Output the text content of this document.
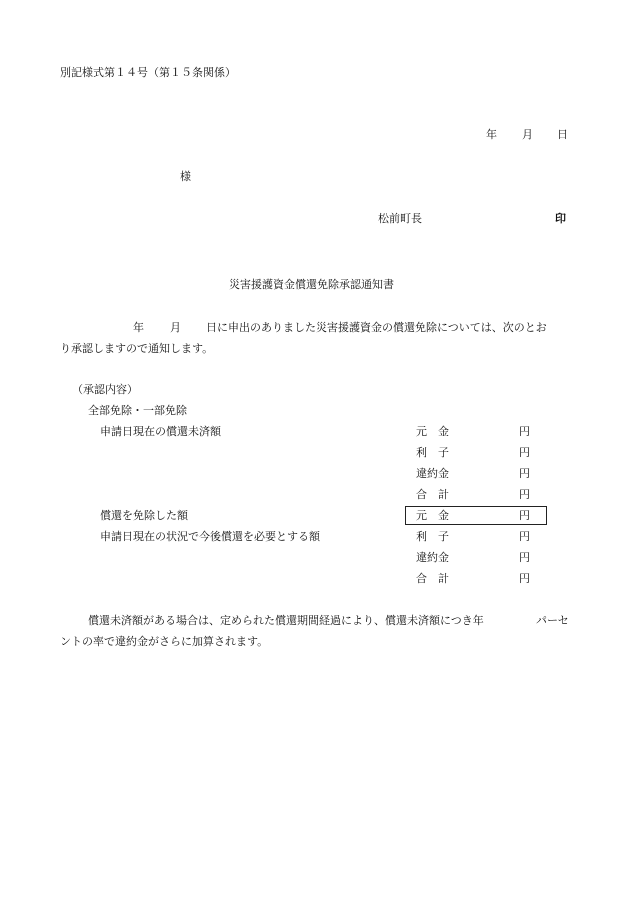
別記様式第１４号（第１５条関係）
年 月 日
様
松前町長	印
災害援護資金償還免除承認通知書
年 月 日に申出のありました災害援護資金の償還免除については、次のとお
り承認しますので通知します。
（承認内容）
全部免除・一部免除
申請日現在の償還未済額	元　金	円
利　子	円
違約金	円
合　計	円
償還を免除した額	元　金	円
申請日現在の状況で今後償還を必要とする額	利　子	円
違約金	円
合　計	円
償還未済額がある場合は、定められた償還期間経過により、償還未済額につき年	パーセ
ントの率で違約金がさらに加算されます。
